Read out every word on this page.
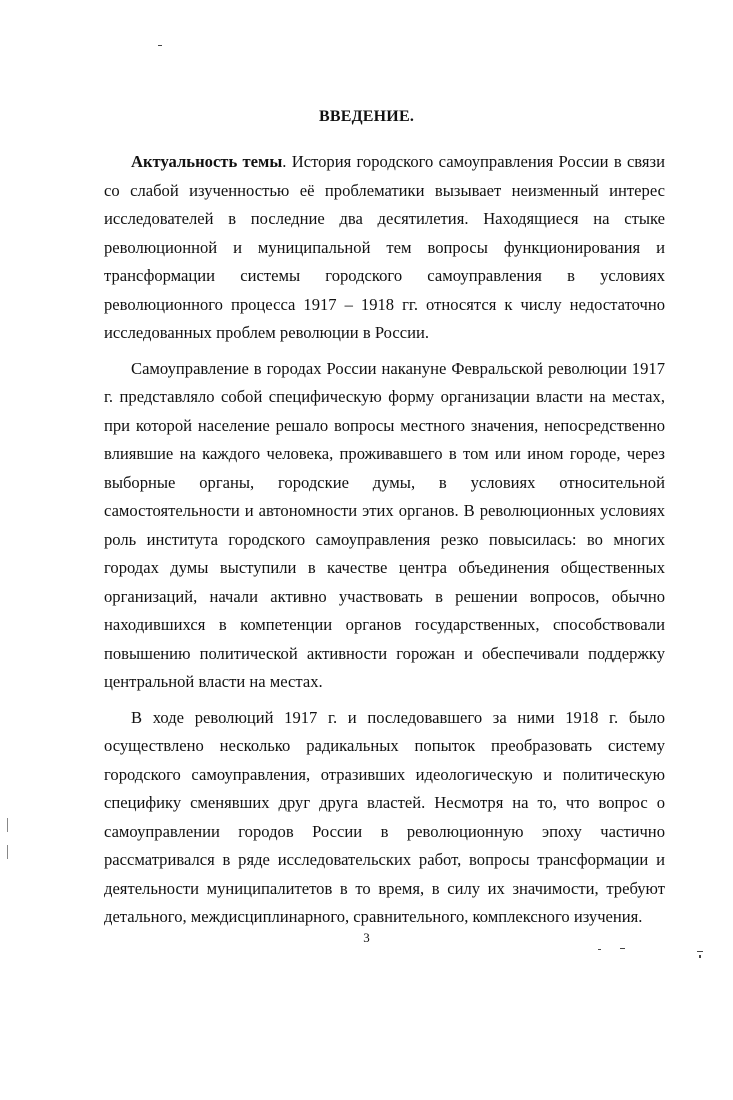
ВВЕДЕНИЕ.

Актуальность темы. История городского самоуправления России в связи со слабой изученностью её проблематики вызывает неизменный интерес исследователей в последние два десятилетия. Находящиеся на стыке революционной и муниципальной тем вопросы функционирования и трансформации системы городского самоуправления в условиях революционного процесса 1917 – 1918 гг. относятся к числу недостаточно исследованных проблем революции в России.

Самоуправление в городах России накануне Февральской революции 1917 г. представляло собой специфическую форму организации власти на местах, при которой население решало вопросы местного значения, непосредственно влиявшие на каждого человека, проживавшего в том или ином городе, через выборные органы, городские думы, в условиях относительной самостоятельности и автономности этих органов. В революционных условиях роль института городского самоуправления резко повысилась: во многих городах думы выступили в качестве центра объединения общественных организаций, начали активно участвовать в решении вопросов, обычно находившихся в компетенции органов государственных, способствовали повышению политической активности горожан и обеспечивали поддержку центральной власти на местах.

В ходе революций 1917 г. и последовавшего за ними 1918 г. было осуществлено несколько радикальных попыток преобразовать систему городского самоуправления, отразивших идеологическую и политическую специфику сменявших друг друга властей. Несмотря на то, что вопрос о самоуправлении городов России в революционную эпоху частично рассматривался в ряде исследовательских работ, вопросы трансформации и деятельности муниципалитетов в то время, в силу их значимости, требуют детального, междисциплинарного, сравнительного, комплексного изучения.

3
